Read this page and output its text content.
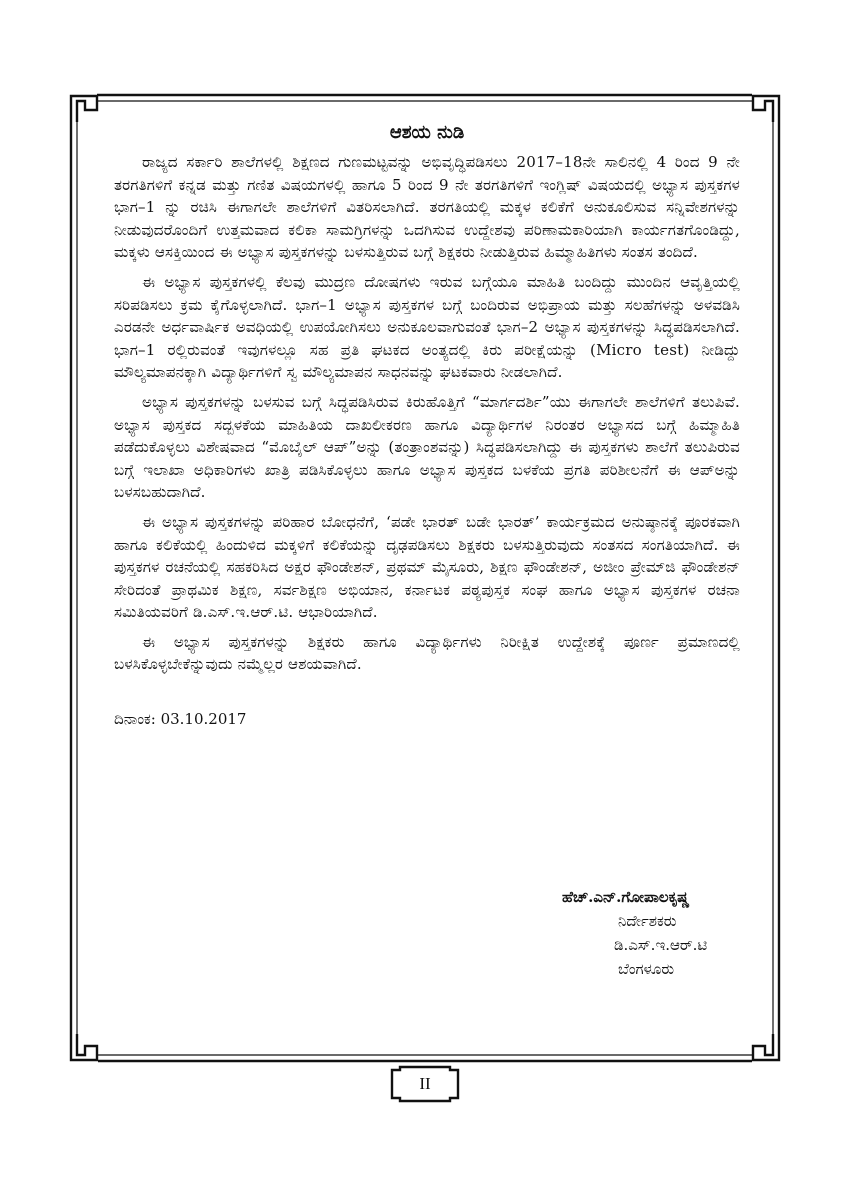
ಆಶಯ ನುಡಿ

ರಾಜ್ಯದ ಸರ್ಕಾರಿ ಶಾಲೆಗಳಲ್ಲಿ ಶಿಕ್ಷಣದ ಗುಣಮಟ್ಟವನ್ನು ಅಭಿವೃದ್ಧಿಪಡಿಸಲು 2017–18ನೇ ಸಾಲಿನಲ್ಲಿ 4 ರಿಂದ 9 ನೇ ತರಗತಿಗಳಿಗೆ ಕನ್ನಡ ಮತ್ತು ಗಣಿತ ವಿಷಯಗಳಲ್ಲಿ ಹಾಗೂ 5 ರಿಂದ 9 ನೇ ತರಗತಿಗಳಿಗೆ ಇಂಗ್ಲಿಷ್ ವಿಷಯದಲ್ಲಿ ಅಭ್ಯಾಸ ಪುಸ್ತಕಗಳ ಭಾಗ–1 ನ್ನು ರಚಿಸಿ ಈಗಾಗಲೇ ಶಾಲೆಗಳಿಗೆ ವಿತರಿಸಲಾಗಿದೆ. ತರಗತಿಯಲ್ಲಿ ಮಕ್ಕಳ ಕಲಿಕೆಗೆ ಅನುಕೂಲಿಸುವ ಸನ್ನಿವೇಶಗಳನ್ನು ನೀಡುವುದರೊಂದಿಗೆ ಉತ್ತಮವಾದ ಕಲಿಕಾ ಸಾಮಗ್ರಿಗಳನ್ನು ಒದಗಿಸುವ ಉದ್ದೇಶವು ಪರಿಣಾಮಕಾರಿಯಾಗಿ ಕಾರ್ಯಗತಗೊಂಡಿದ್ದು, ಮಕ್ಕಳು ಆಸಕ್ತಿಯಿಂದ ಈ ಅಭ್ಯಾಸ ಪುಸ್ತಕಗಳನ್ನು ಬಳಸುತ್ತಿರುವ ಬಗ್ಗೆ ಶಿಕ್ಷಕರು ನೀಡುತ್ತಿರುವ ಹಿಮ್ಮಾಹಿತಿಗಳು ಸಂತಸ ತಂದಿದೆ.

ಈ ಅಭ್ಯಾಸ ಪುಸ್ತಕಗಳಲ್ಲಿ ಕೆಲವು ಮುದ್ರಣ ದೋಷಗಳು ಇರುವ ಬಗ್ಗೆಯೂ ಮಾಹಿತಿ ಬಂದಿದ್ದು ಮುಂದಿನ ಆವೃತ್ತಿಯಲ್ಲಿ ಸರಿಪಡಿಸಲು ಕ್ರಮ ಕೈಗೊಳ್ಳಲಾಗಿದೆ. ಭಾಗ–1 ಅಭ್ಯಾಸ ಪುಸ್ತಕಗಳ ಬಗ್ಗೆ ಬಂದಿರುವ ಅಭಿಪ್ರಾಯ ಮತ್ತು ಸಲಹೆಗಳನ್ನು ಅಳವಡಿಸಿ ಎರಡನೇ ಅರ್ಧವಾರ್ಷಿಕ ಅವಧಿಯಲ್ಲಿ ಉಪಯೋಗಿಸಲು ಅನುಕೂಲವಾಗುವಂತೆ ಭಾಗ–2 ಅಭ್ಯಾಸ ಪುಸ್ತಕಗಳನ್ನು ಸಿದ್ಧಪಡಿಸಲಾಗಿದೆ. ಭಾಗ–1 ರಲ್ಲಿರುವಂತೆ ಇವುಗಳಲ್ಲೂ ಸಹ ಪ್ರತಿ ಘಟಕದ ಅಂತ್ಯದಲ್ಲಿ ಕಿರು ಪರೀಕ್ಷೆಯನ್ನು (Micro test) ನೀಡಿದ್ದು ಮೌಲ್ಯಮಾಪನಕ್ಕಾಗಿ ವಿದ್ಯಾರ್ಥಿಗಳಿಗೆ ಸ್ವ ಮೌಲ್ಯಮಾಪನ ಸಾಧನವನ್ನು ಘಟಕವಾರು ನೀಡಲಾಗಿದೆ.

ಅಭ್ಯಾಸ ಪುಸ್ತಕಗಳನ್ನು ಬಳಸುವ ಬಗ್ಗೆ ಸಿದ್ಧಪಡಿಸಿರುವ ಕಿರುಹೊತ್ತಿಗೆ “ಮಾರ್ಗದರ್ಶಿ”ಯು ಈಗಾಗಲೇ ಶಾಲೆಗಳಿಗೆ ತಲುಪಿವೆ. ಅಭ್ಯಾಸ ಪುಸ್ತಕದ ಸದ್ಬಳಕೆಯ ಮಾಹಿತಿಯ ದಾಖಲೀಕರಣ ಹಾಗೂ ವಿದ್ಯಾರ್ಥಿಗಳ ನಿರಂತರ ಅಭ್ಯಾಸದ ಬಗ್ಗೆ ಹಿಮ್ಮಾಹಿತಿ ಪಡೆದುಕೊಳ್ಳಲು ವಿಶೇಷವಾದ “ಮೊಬೈಲ್ ಆಪ್”ಅನ್ನು (ತಂತ್ರಾಂಶವನ್ನು) ಸಿದ್ಧಪಡಿಸಲಾಗಿದ್ದು ಈ ಪುಸ್ತಕಗಳು ಶಾಲೆಗೆ ತಲುಪಿರುವ ಬಗ್ಗೆ ಇಲಾಖಾ ಅಧಿಕಾರಿಗಳು ಖಾತ್ರಿ ಪಡಿಸಿಕೊಳ್ಳಲು ಹಾಗೂ ಅಭ್ಯಾಸ ಪುಸ್ತಕದ ಬಳಕೆಯ ಪ್ರಗತಿ ಪರಿಶೀಲನೆಗೆ ಈ ಆಪ್‌ಅನ್ನು ಬಳಸಬಹುದಾಗಿದೆ.

ಈ ಅಭ್ಯಾಸ ಪುಸ್ತಕಗಳನ್ನು ಪರಿಹಾರ ಬೋಧನೆಗೆ, ‘ಪಡೇ ಭಾರತ್ ಬಡೇ ಭಾರತ್’ ಕಾರ್ಯಕ್ರಮದ ಅನುಷ್ಠಾನಕ್ಕೆ ಪೂರಕವಾಗಿ ಹಾಗೂ ಕಲಿಕೆಯಲ್ಲಿ ಹಿಂದುಳಿದ ಮಕ್ಕಳಿಗೆ ಕಲಿಕೆಯನ್ನು ದೃಢಪಡಿಸಲು ಶಿಕ್ಷಕರು ಬಳಸುತ್ತಿರುವುದು ಸಂತಸದ ಸಂಗತಿಯಾಗಿದೆ. ಈ ಪುಸ್ತಕಗಳ ರಚನೆಯಲ್ಲಿ ಸಹಕರಿಸಿದ ಅಕ್ಷರ ಫೌಂಡೇಶನ್, ಪ್ರಥಮ್ ಮೈಸೂರು, ಶಿಕ್ಷಣ ಫೌಂಡೇಶನ್, ಅಜೀಂ ಪ್ರೇಮ್‌ಜಿ ಫೌಂಡೇಶನ್ ಸೇರಿದಂತೆ ಪ್ರಾಥಮಿಕ ಶಿಕ್ಷಣ, ಸರ್ವಶಿಕ್ಷಣ ಅಭಿಯಾನ, ಕರ್ನಾಟಕ ಪಠ್ಯಪುಸ್ತಕ ಸಂಘ ಹಾಗೂ ಅಭ್ಯಾಸ ಪುಸ್ತಕಗಳ ರಚನಾ ಸಮಿತಿಯವರಿಗೆ ಡಿ.ಎಸ್.ಇ.ಆರ್.ಟಿ. ಆಭಾರಿಯಾಗಿದೆ.

ಈ ಅಭ್ಯಾಸ ಪುಸ್ತಕಗಳನ್ನು ಶಿಕ್ಷಕರು ಹಾಗೂ ವಿದ್ಯಾರ್ಥಿಗಳು ನಿರೀಕ್ಷಿತ ಉದ್ದೇಶಕ್ಕೆ ಪೂರ್ಣ ಪ್ರಮಾಣದಲ್ಲಿ ಬಳಸಿಕೊಳ್ಳಬೇಕೆನ್ನುವುದು ನಮ್ಮೆಲ್ಲರ ಆಶಯವಾಗಿದೆ.

ದಿನಾಂಕ: 03.10.2017
ಹೆಚ್.ಎನ್.ಗೋಪಾಲಕೃಷ್ಣ
ನಿರ್ದೇಶಕರು
ಡಿ.ಎಸ್.ಇ.ಆರ್.ಟಿ
ಬೆಂಗಳೂರು
II
